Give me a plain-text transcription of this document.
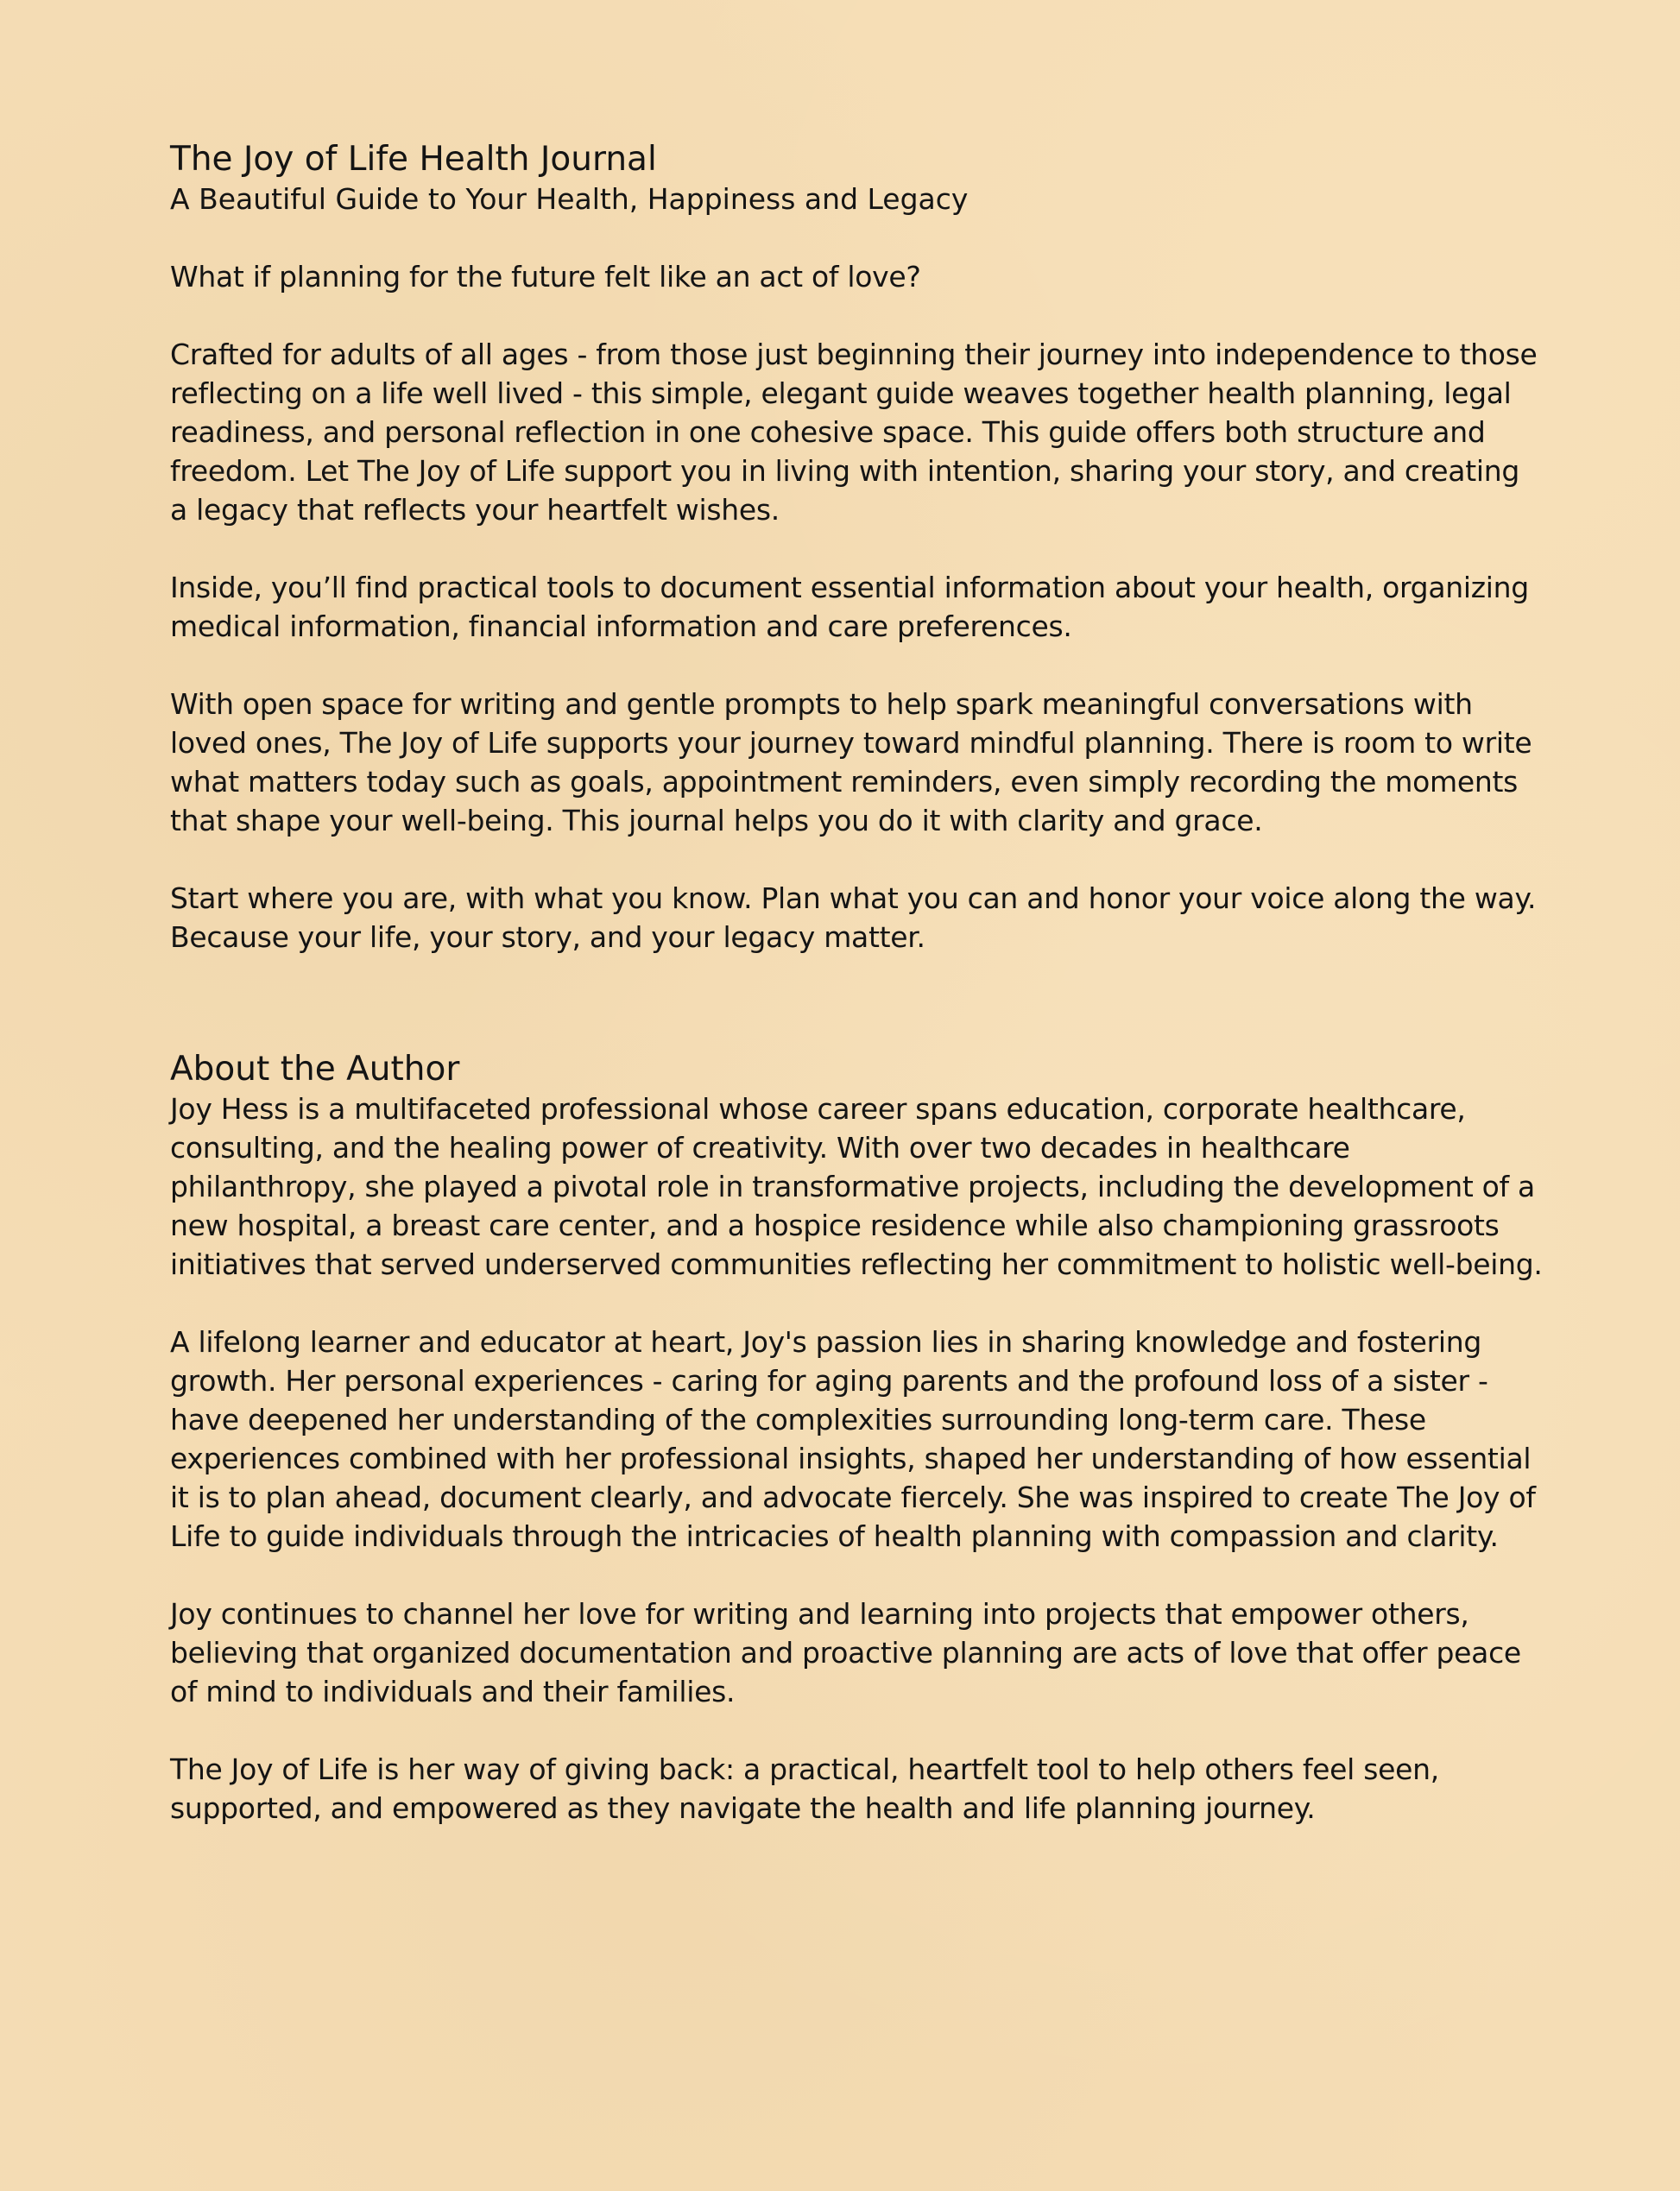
The Joy of Life Health Journal
A Beautiful Guide to Your Health, Happiness and Legacy

What if planning for the future felt like an act of love?

Crafted for adults of all ages - from those just beginning their journey into independence to those reflecting on a life well lived - this simple, elegant guide weaves together health planning, legal readiness, and personal reflection in one cohesive space. This guide offers both structure and freedom. Let The Joy of Life support you in living with intention, sharing your story, and creating a legacy that reflects your heartfelt wishes.

Inside, you’ll find practical tools to document essential information about your health, organizing medical information, financial information and care preferences.

With open space for writing and gentle prompts to help spark meaningful conversations with loved ones, The Joy of Life supports your journey toward mindful planning. There is room to write what matters today such as goals, appointment reminders, even simply recording the moments that shape your well-being. This journal helps you do it with clarity and grace.

Start where you are, with what you know. Plan what you can and honor your voice along the way. Because your life, your story, and your legacy matter.

About the Author

Joy Hess is a multifaceted professional whose career spans education, corporate healthcare, consulting, and the healing power of creativity. With over two decades in healthcare philanthropy, she played a pivotal role in transformative projects, including the development of a new hospital, a breast care center, and a hospice residence while also championing grassroots initiatives that served underserved communities reflecting her commitment to holistic well-being.

A lifelong learner and educator at heart, Joy's passion lies in sharing knowledge and fostering growth. Her personal experiences - caring for aging parents and the profound loss of a sister - have deepened her understanding of the complexities surrounding long-term care. These experiences combined with her professional insights, shaped her understanding of how essential it is to plan ahead, document clearly, and advocate fiercely. She was inspired to create The Joy of Life to guide individuals through the intricacies of health planning with compassion and clarity.

Joy continues to channel her love for writing and learning into projects that empower others, believing that organized documentation and proactive planning are acts of love that offer peace of mind to individuals and their families.

The Joy of Life is her way of giving back: a practical, heartfelt tool to help others feel seen, supported, and empowered as they navigate the health and life planning journey.
